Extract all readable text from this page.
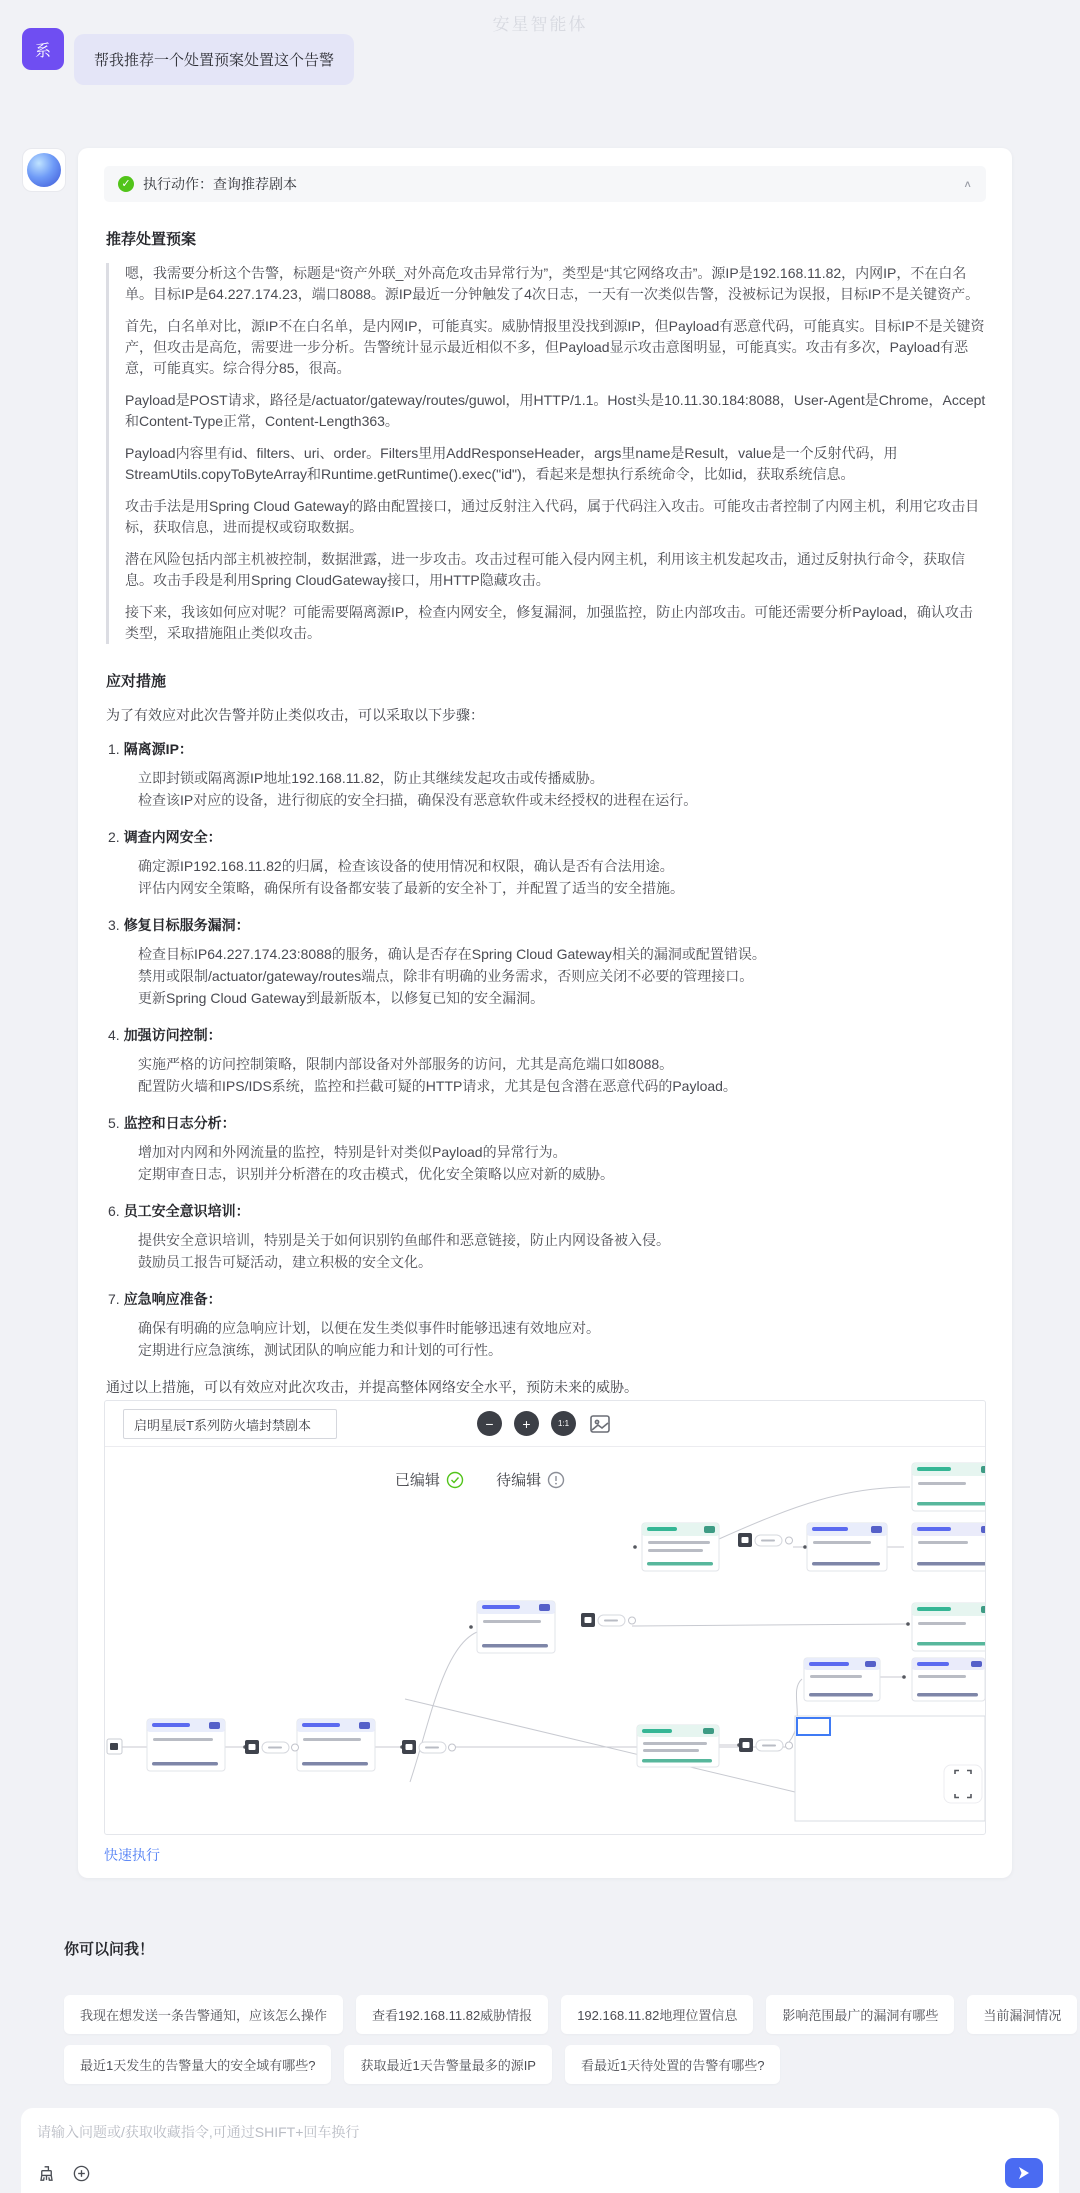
安星智能体
系
帮我推荐一个处置预案处置这个告警
✓ 执行动作：查询推荐剧本	∧
推荐处置预案

嗯，我需要分析这个告警，标题是“资产外联_对外高危攻击异常行为”，类型是“其它网络攻击”。源IP是192.168.11.82，内网IP，不在白名单。目标IP是64.227.174.23，端口8088。源IP最近一分钟触发了4次日志，一天有一次类似告警，没被标记为误报，目标IP不是关键资产。

首先，白名单对比，源IP不在白名单，是内网IP，可能真实。威胁情报里没找到源IP，但Payload有恶意代码，可能真实。目标IP不是关键资产，但攻击是高危，需要进一步分析。告警统计显示最近相似不多，但Payload显示攻击意图明显，可能真实。攻击有多次，Payload有恶意，可能真实。综合得分85，很高。

Payload是POST请求，路径是/actuator/gateway/routes/guwol，用HTTP/1.1。Host头是10.11.30.184:8088，User-Agent是Chrome，Accept和Content-Type正常，Content-Length363。

Payload内容里有id、filters、uri、order。Filters里用AddResponseHeader，args里name是Result，value是一个反射代码，用StreamUtils.copyToByteArray和Runtime.getRuntime().exec("id")，看起来是想执行系统命令，比如id，获取系统信息。

攻击手法是用Spring Cloud Gateway的路由配置接口，通过反射注入代码，属于代码注入攻击。可能攻击者控制了内网主机，利用它攻击目标，获取信息，进而提权或窃取数据。

潜在风险包括内部主机被控制，数据泄露，进一步攻击。攻击过程可能入侵内网主机，利用该主机发起攻击，通过反射执行命令，获取信息。攻击手段是利用Spring CloudGateway接口，用HTTP隐藏攻击。

接下来，我该如何应对呢？可能需要隔离源IP，检查内网安全，修复漏洞，加强监控，防止内部攻击。可能还需要分析Payload，确认攻击类型，采取措施阻止类似攻击。

应对措施

为了有效应对此次告警并防止类似攻击，可以采取以下步骤：

1. 隔离源IP：
立即封锁或隔离源IP地址192.168.11.82，防止其继续发起攻击或传播威胁。
检查该IP对应的设备，进行彻底的安全扫描，确保没有恶意软件或未经授权的进程在运行。
2. 调查内网安全：
确定源IP192.168.11.82的归属，检查该设备的使用情况和权限，确认是否有合法用途。
评估内网安全策略，确保所有设备都安装了最新的安全补丁，并配置了适当的安全措施。
3. 修复目标服务漏洞：
检查目标IP64.227.174.23:8088的服务，确认是否存在Spring Cloud Gateway相关的漏洞或配置错误。
禁用或限制/actuator/gateway/routes端点，除非有明确的业务需求，否则应关闭不必要的管理接口。
更新Spring Cloud Gateway到最新版本，以修复已知的安全漏洞。
4. 加强访问控制：
实施严格的访问控制策略，限制内部设备对外部服务的访问，尤其是高危端口如8088。
配置防火墙和IPS/IDS系统，监控和拦截可疑的HTTP请求，尤其是包含潜在恶意代码的Payload。
5. 监控和日志分析：
增加对内网和外网流量的监控，特别是针对类似Payload的异常行为。
定期审查日志，识别并分析潜在的攻击模式，优化安全策略以应对新的威胁。
6. 员工安全意识培训：
提供安全意识培训，特别是关于如何识别钓鱼邮件和恶意链接，防止内网设备被入侵。
鼓励员工报告可疑活动，建立积极的安全文化。
7. 应急响应准备：
确保有明确的应急响应计划，以便在发生类似事件时能够迅速有效地应对。
定期进行应急演练，测试团队的响应能力和计划的可行性。

通过以上措施，可以有效应对此次攻击，并提高整体网络安全水平，预防未来的威胁。

启明星辰T系列防火墙封禁剧本
−	+	1:1
已编辑
	待编辑
快速执行
你可以问我！
我现在想发送一条告警通知，应该怎么操作	查看192.168.11.82威胁情报	192.168.11.82地理位置信息	影响范围最广的漏洞有哪些	当前漏洞情况
最近1天发生的告警量大的安全域有哪些?	获取最近1天告警量最多的源IP	看最近1天待处置的告警有哪些?
请输入问题或/获取收藏指令,可通过SHIFT+回车换行
